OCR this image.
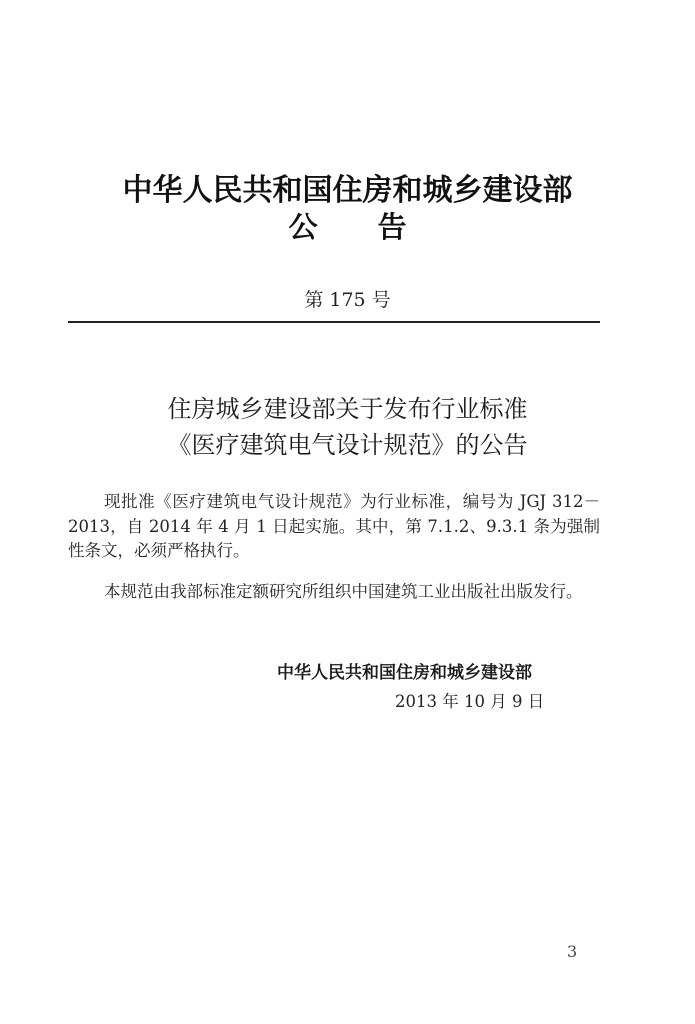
中华人民共和国住房和城乡建设部
公告
第 175 号
住房城乡建设部关于发布行业标准
《医疗建筑电气设计规范》的公告
现批准《医疗建筑电气设计规范》为行业标准，编号为 JGJ 312－2013，自 2014 年 4 月 1 日起实施。其中，第 7.1.2、9.3.1 条为强制性条文，必须严格执行。
本规范由我部标准定额研究所组织中国建筑工业出版社出版发行。
中华人民共和国住房和城乡建设部
2013 年 10 月 9 日
3
